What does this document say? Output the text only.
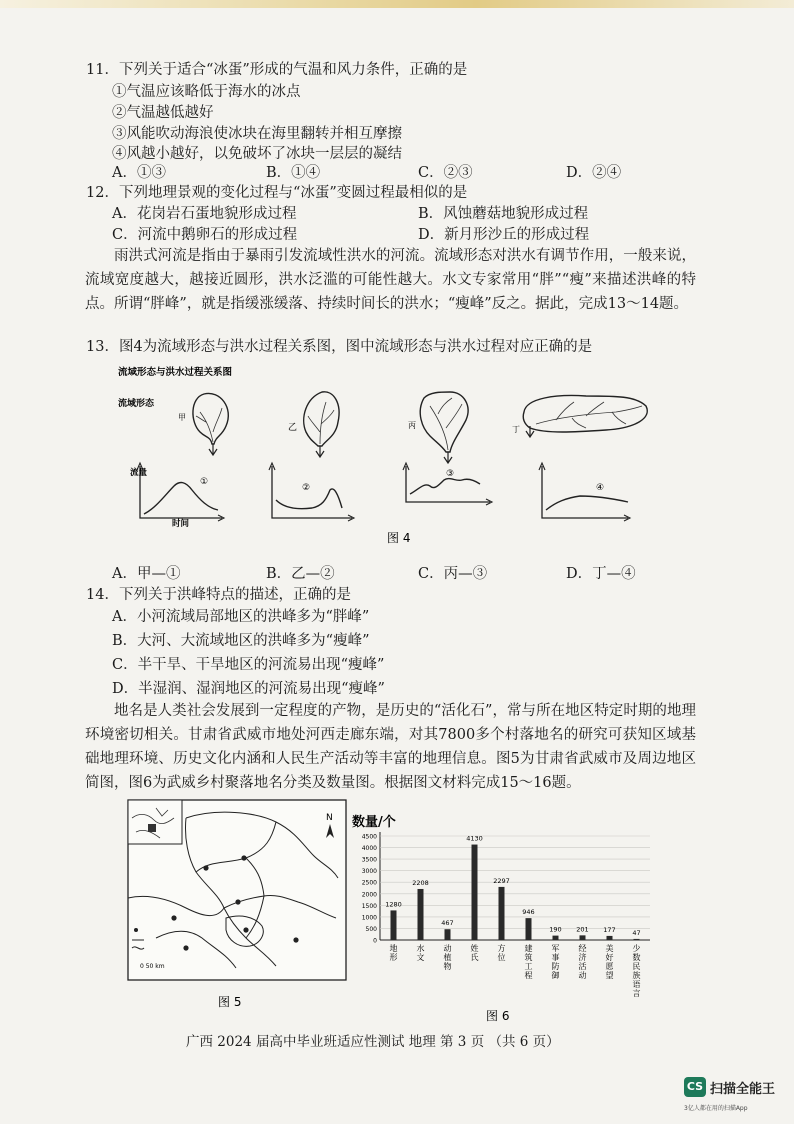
11．下列关于适合“冰蛋”形成的气温和风力条件，正确的是
①气温应该略低于海水的冰点
②气温越低越好
③风能吹动海浪使冰块在海里翻转并相互摩擦
④风越小越好，以免破坏了冰块一层层的凝结
A．①③	B．①④	C．②③	D．②④
12．下列地理景观的变化过程与“冰蛋”变圆过程最相似的是
A．花岗岩石蛋地貌形成过程	B．风蚀蘑菇地貌形成过程
C．河流中鹅卵石的形成过程	D．新月形沙丘的形成过程
雨洪式河流是指由于暴雨引发流域性洪水的河流。流域形态对洪水有调节作用，一般来说，流域宽度越大，越接近圆形，洪水泛滥的可能性越大。水文专家常用“胖”“瘦”来描述洪峰的特点。所谓“胖峰”，就是指缓涨缓落、持续时间长的洪水；“瘦峰”反之。据此，完成13～14题。
13．图4为流域形态与洪水过程关系图，图中流域形态与洪水过程对应正确的是
流域形态与洪水过程关系图
流域形态
甲
乙	丙	丁
①
流量
时间
②
③
④
图 4
A．甲—①	B．乙—②	C．丙—③	D．丁—④
14．下列关于洪峰特点的描述，正确的是
A．小河流域局部地区的洪峰多为“胖峰”
B．大河、大流域地区的洪峰多为“瘦峰”
C．半干旱、干旱地区的河流易出现“瘦峰”
D．半湿润、湿润地区的河流易出现“瘦峰”
地名是人类社会发展到一定程度的产物，是历史的“活化石”，常与所在地区特定时期的地理环境密切相关。甘肃省武威市地处河西走廊东端，对其7800多个村落地名的研究可获知区域基础地理环境、历史文化内涵和人民生产活动等丰富的地理信息。图5为甘肃省武威市及周边地区简图，图6为武威乡村聚落地名分类及数量图。根据图文材料完成15～16题。
N
0 50 km
图 5
数量/个
图 6
0
500
1000
1500
2000
2500
3000
3500
4000
4500
1280
地
形
2208
水
文
467
动
植
物
4130
姓
氏
2297
方
位
946
建
筑
工
程
190
军
事
防
御
201
经
济
活
动
177
美
好
愿
望
47
少
数
民
族
语
言
广西 2024 届高中毕业班适应性测试 地理 第 3 页 （共 6 页）
CS 扫描全能王
3亿人都在用的扫描App
